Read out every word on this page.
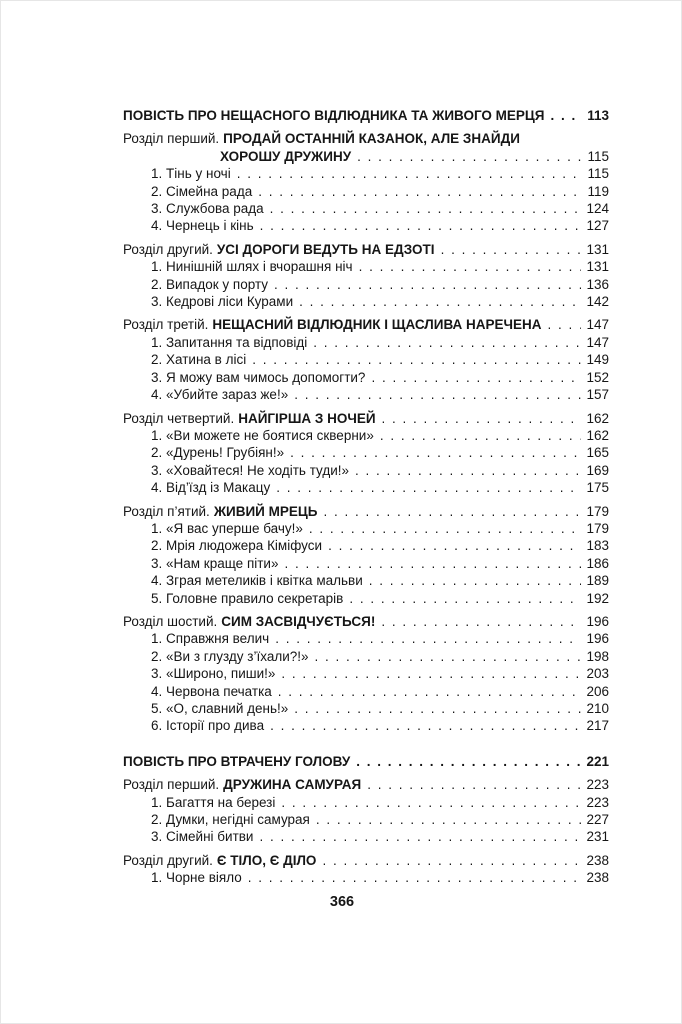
ПОВІСТЬ ПРО НЕЩАСНОГО ВІДЛЮДНИКА ТА ЖИВОГО МЕРЦЯ . . .	113
Розділ перший. ПРОДАЙ ОСТАННІЙ КАЗАНОК, АЛЕ ЗНАЙДИ
ХОРОШУ ДРУЖИНУ . . .	115
1. Тінь у ночі . . .	115
2. Сімейна рада . . .	119
3. Службова рада . . .	124
4. Чернець і кінь . . .	127
Розділ другий. УСІ ДОРОГИ ВЕДУТЬ НА ЕДЗОТІ . . .	131
1. Нинішній шлях і вчорашня ніч . . .	131
2. Випадок у порту . . .	136
3. Кедрові ліси Курами . . .	142
Розділ третій. НЕЩАСНИЙ ВІДЛЮДНИК І ЩАСЛИВА НАРЕЧЕНА . . .	147
1. Запитання та відповіді . . .	147
2. Хатина в лісі . . .	149
3. Я можу вам чимось допомогти? . . .	152
4. «Убийте зараз же!» . . .	157
Розділ четвертий. НАЙГІРША З НОЧЕЙ . . .	162
1. «Ви можете не боятися скверни» . . .	162
2. «Дурень! Грубіян!» . . .	165
3. «Ховайтеся! Не ходіть туди!» . . .	169
4. Від’їзд із Макацу . . .	175
Розділ п’ятий. ЖИВИЙ МРЕЦЬ . . .	179
1. «Я вас уперше бачу!» . . .	179
2. Мрія людожера Кіміфуси . . .	183
3. «Нам краще піти» . . .	186
4. Зграя метеликів і квітка мальви . . .	189
5. Головне правило секретарів . . .	192
Розділ шостий. СИМ ЗАСВІДЧУЄТЬСЯ! . . .	196
1. Справжня велич . . .	196
2. «Ви з глузду з’їхали?!» . . .	198
3. «Широно, пиши!» . . .	203
4. Червона печатка . . .	206
5. «О, славний день!» . . .	210
6. Історії про дива . . .	217
ПОВІСТЬ ПРО ВТРАЧЕНУ ГОЛОВУ . . .	221
Розділ перший. ДРУЖИНА САМУРАЯ . . .	223
1. Багаття на березі . . .	223
2. Думки, негідні самурая . . .	227
3. Сімейні битви . . .	231
Розділ другий. Є ТІЛО, Є ДІЛО . . .	238
1. Чорне віяло . . .	238
366
